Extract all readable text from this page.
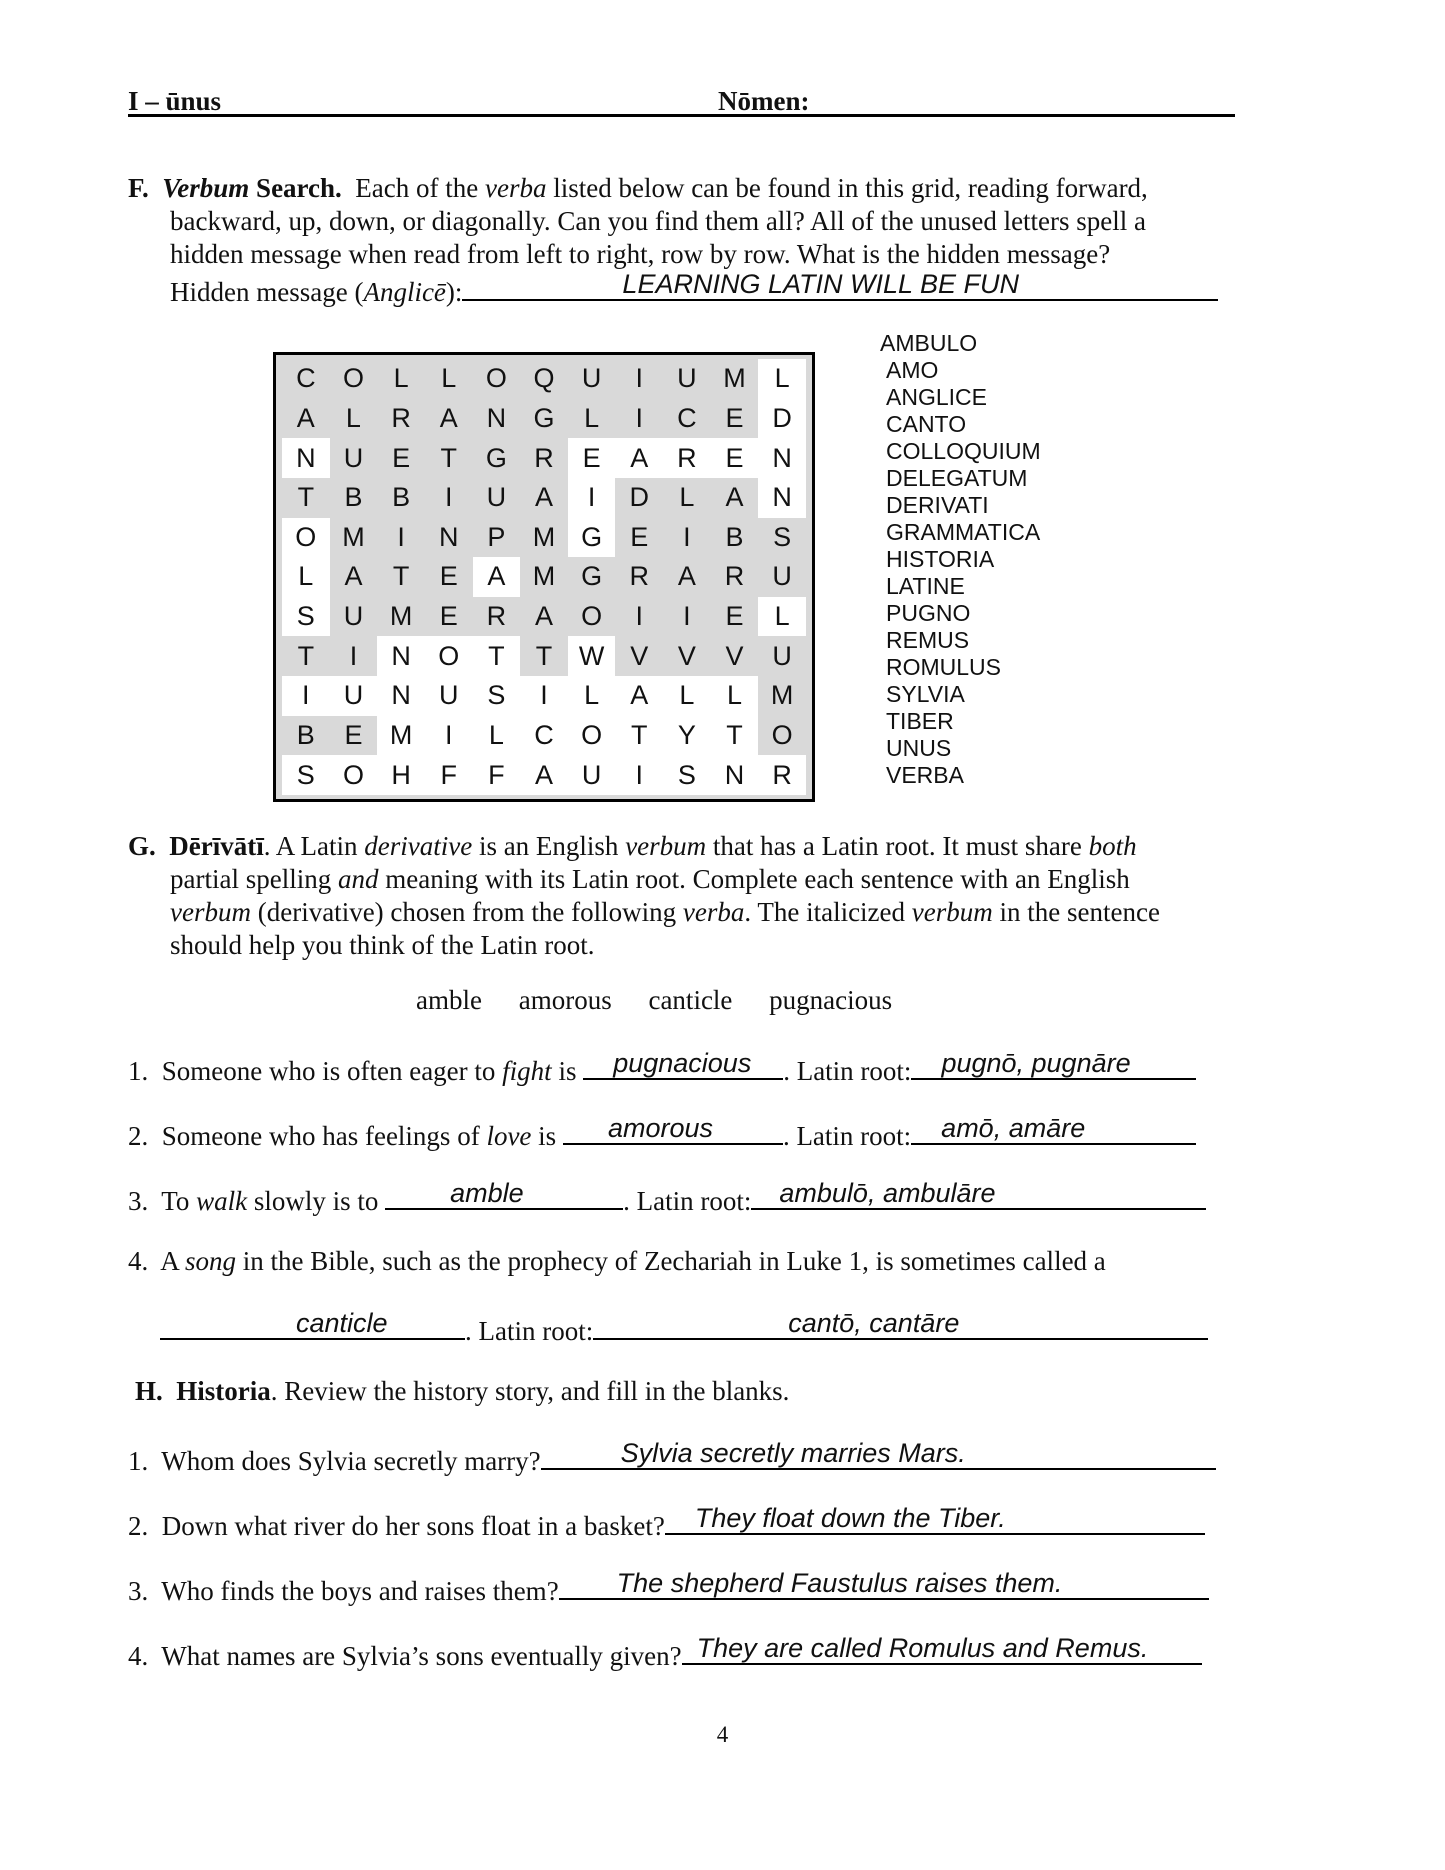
I – ūnus	Nōmen:
F. Verbum Search. Each of the verba listed below can be found in this grid, reading forward,
backward, up, down, or diagonally. Can you find them all? All of the unused letters spell a
hidden message when read from left to right, row by row. What is the hidden message?
Hidden message (Anglicē):	LEARNING LATIN WILL BE FUN
C	O	L	L	O Q	U	I	U M	L
A	L	R	A	N	G	L	I	C	E	D
N	U	E	T	G	R	E	A	R	E	N
T	B	B	I	U	A	I	D	L	A	N
O M	I	N	P	M G	E	I	B	S
L	A	T	E	A	M G	R	A	R	U
S	U M	E	R	A	O	I	I	E	L
T	I	N	O	T	T W V	V	V	U
I	U	N	U	S	I	L	A	L	L	M
B	E	M	I	L	C	O	T	Y	T	O
S	O	H	F	F	A	U	I	S	N	R
AMBULO
AMO
ANGLICE
CANTO
COLLOQUIUM
DELEGATUM
DERIVATI
GRAMMATICA
HISTORIA
LATINE
PUGNO
REMUS
ROMULUS
SYLVIA
TIBER
UNUS
VERBA
G. Dērīvātī. A Latin derivative is an English verbum that has a Latin root. It must share both
partial spelling and meaning with its Latin root. Complete each sentence with an English
verbum (derivative) chosen from the following verba. The italicized verbum in the sentence
should help you think of the Latin root.
amble amorous canticle pugnacious
1. Someone who is often eager to fight is pugnacious . Latin root: pugnō, pugnāre
2. Someone who has feelings of love is amorous	. Latin root: amō, amāre
3. To walk slowly is to amble	. Latin root: ambulō, ambulāre
4. A song in the Bible, such as the prophecy of Zechariah in Luke 1, is sometimes called a
canticle	. Latin root:	cantō, cantāre
H. Historia. Review the history story, and fill in the blanks.
1. Whom does Sylvia secretly marry?	Sylvia secretly marries Mars.
2. Down what river do her sons float in a basket? They float down the Tiber.
3. Who finds the boys and raises them? The shepherd Faustulus raises them.
4. What names are Sylvia’s sons eventually given? They are called Romulus and Remus.
4
